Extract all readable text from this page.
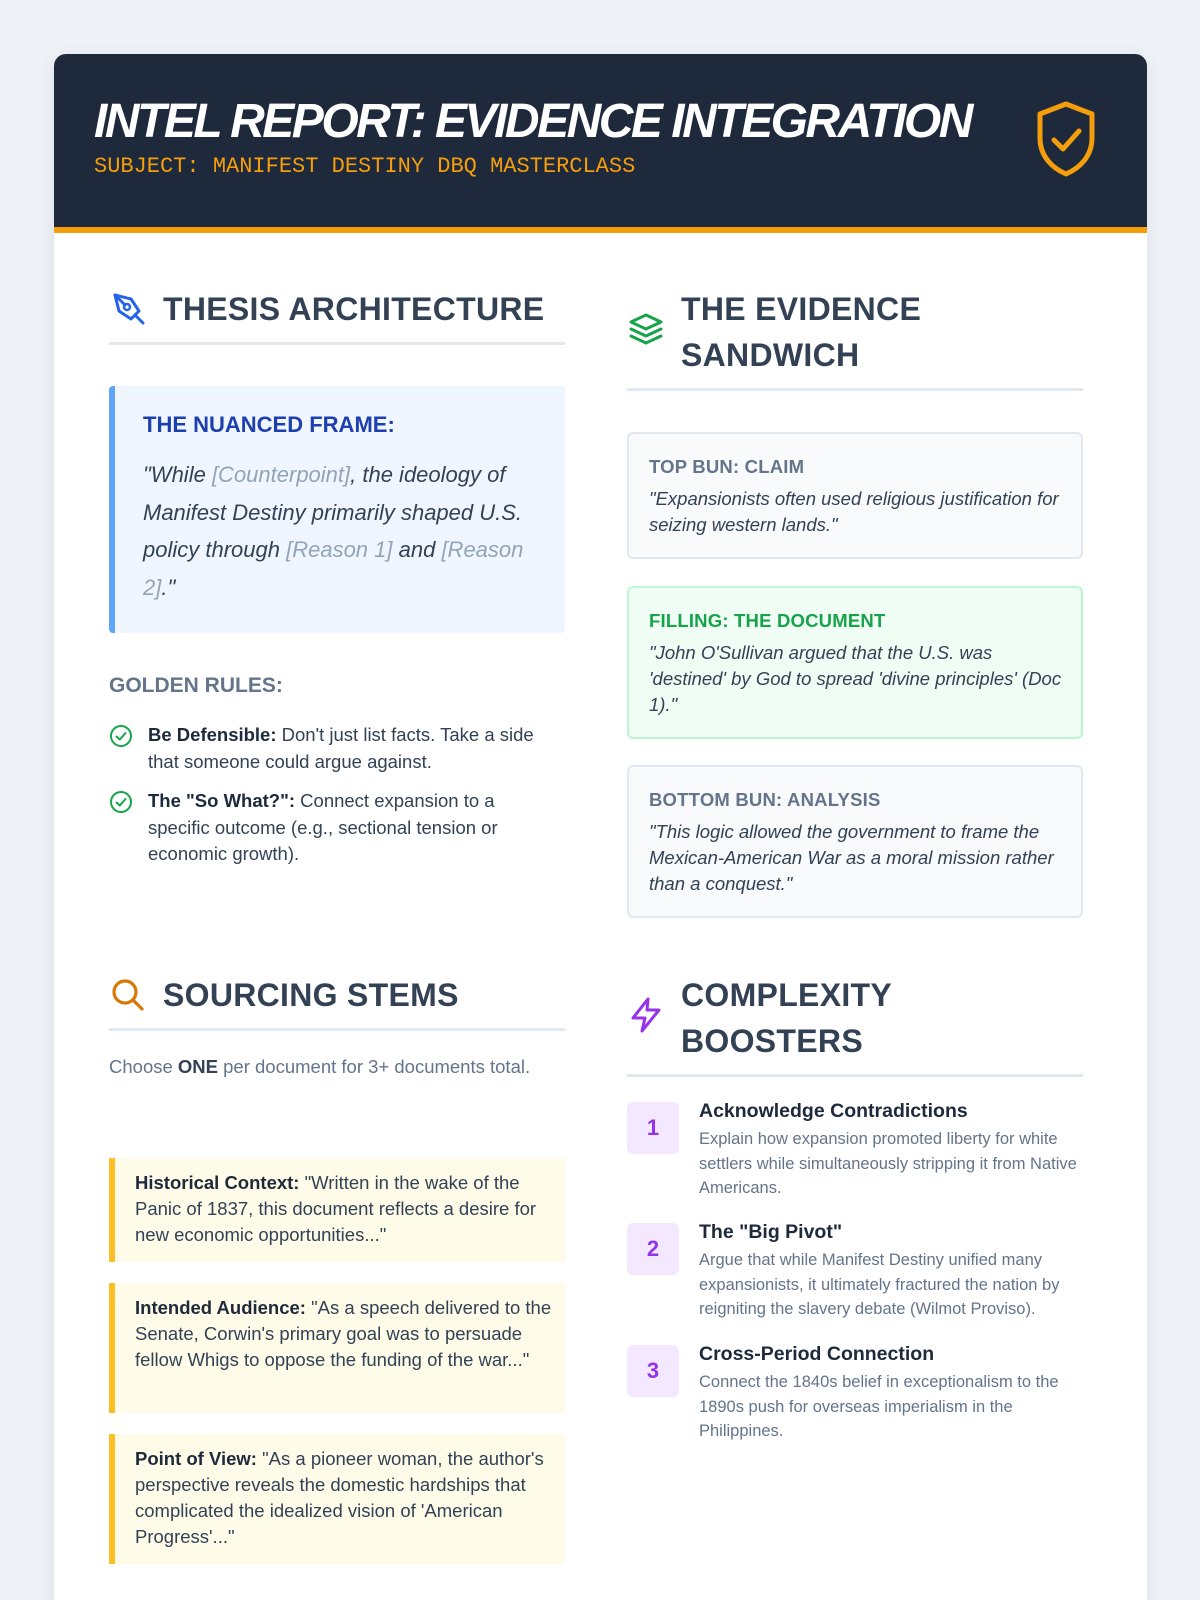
INTEL REPORT: EVIDENCE INTEGRATION
SUBJECT: MANIFEST DESTINY DBQ MASTERCLASS
THESIS ARCHITECTURE
THE NUANCED FRAME:
"While [Counterpoint], the ideology of Manifest Destiny primarily shaped U.S. policy through [Reason 1] and [Reason 2]."
GOLDEN RULES:
Be Defensible: Don't just list facts. Take a side that someone could argue against.
The "So What?": Connect expansion to a specific outcome (e.g., sectional tension or economic growth).
THE EVIDENCE SANDWICH
TOP BUN: CLAIM
"Expansionists often used religious justification for seizing western lands."
FILLING: THE DOCUMENT
"John O'Sullivan argued that the U.S. was 'destined' by God to spread 'divine principles' (Doc 1)."
BOTTOM BUN: ANALYSIS
"This logic allowed the government to frame the Mexican-American War as a moral mission rather than a conquest."
SOURCING STEMS
Choose ONE per document for 3+ documents total.
Historical Context: "Written in the wake of the Panic of 1837, this document reflects a desire for new economic opportunities..."
Intended Audience: "As a speech delivered to the Senate, Corwin's primary goal was to persuade fellow Whigs to oppose the funding of the war..."
Point of View: "As a pioneer woman, the author's perspective reveals the domestic hardships that complicated the idealized vision of 'American Progress'..."
COMPLEXITY BOOSTERS
1
Acknowledge Contradictions
Explain how expansion promoted liberty for white settlers while simultaneously stripping it from Native Americans.
2
The "Big Pivot"
Argue that while Manifest Destiny unified many expansionists, it ultimately fractured the nation by reigniting the slavery debate (Wilmot Proviso).
3
Cross-Period Connection
Connect the 1840s belief in exceptionalism to the 1890s push for overseas imperialism in the Philippines.
